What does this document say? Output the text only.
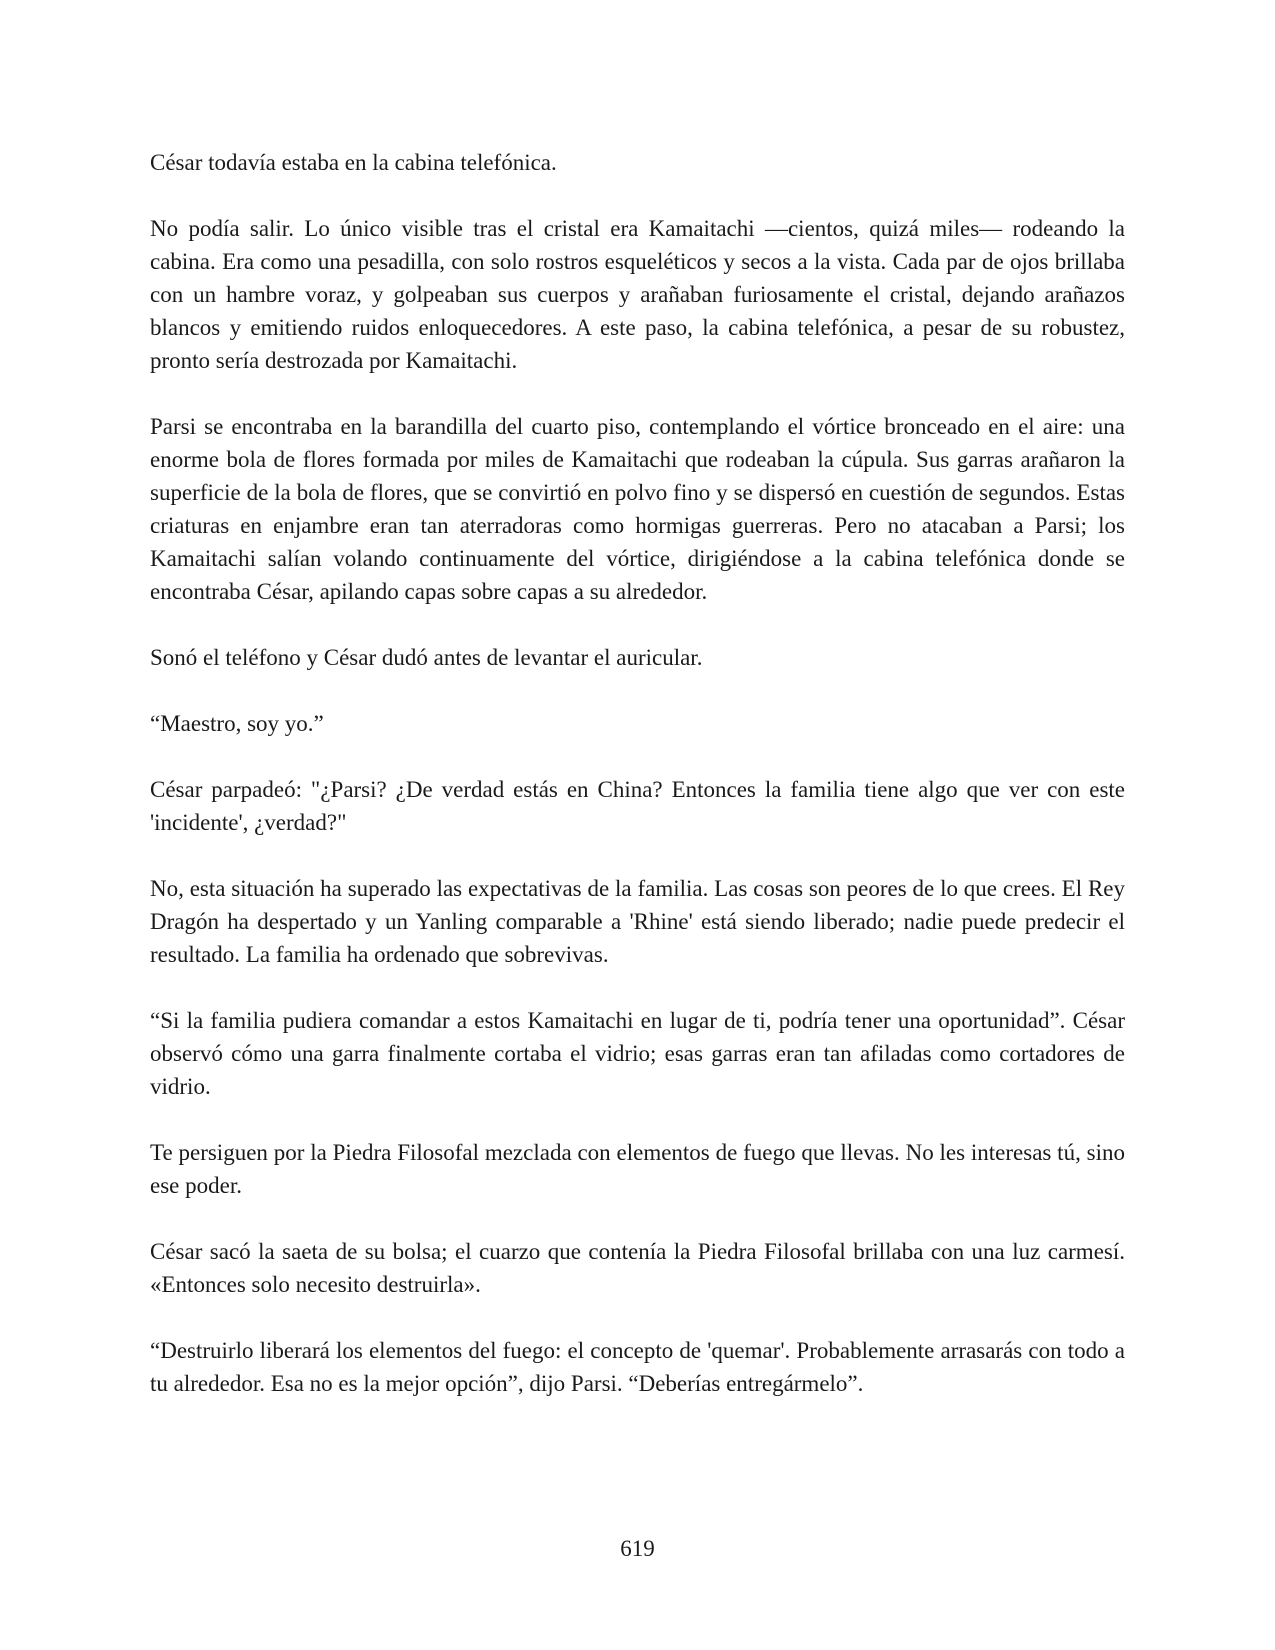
César todavía estaba en la cabina telefónica.

No podía salir. Lo único visible tras el cristal era Kamaitachi —cientos, quizá miles— rodeando la cabina. Era como una pesadilla, con solo rostros esqueléticos y secos a la vista. Cada par de ojos brillaba con un hambre voraz, y golpeaban sus cuerpos y arañaban furiosamente el cristal, dejando arañazos blancos y emitiendo ruidos enloquecedores. A este paso, la cabina telefónica, a pesar de su robustez, pronto sería destrozada por Kamaitachi.

Parsi se encontraba en la barandilla del cuarto piso, contemplando el vórtice bronceado en el aire: una enorme bola de flores formada por miles de Kamaitachi que rodeaban la cúpula. Sus garras arañaron la superficie de la bola de flores, que se convirtió en polvo fino y se dispersó en cuestión de segundos. Estas criaturas en enjambre eran tan aterradoras como hormigas guerreras. Pero no atacaban a Parsi; los Kamaitachi salían volando continuamente del vórtice, dirigiéndose a la cabina telefónica donde se encontraba César, apilando capas sobre capas a su alrededor.

Sonó el teléfono y César dudó antes de levantar el auricular.

“Maestro, soy yo.”

César parpadeó: "¿Parsi? ¿De verdad estás en China? Entonces la familia tiene algo que ver con este 'incidente', ¿verdad?"

No, esta situación ha superado las expectativas de la familia. Las cosas son peores de lo que crees. El Rey Dragón ha despertado y un Yanling comparable a 'Rhine' está siendo liberado; nadie puede predecir el resultado. La familia ha ordenado que sobrevivas.

“Si la familia pudiera comandar a estos Kamaitachi en lugar de ti, podría tener una oportunidad”. César observó cómo una garra finalmente cortaba el vidrio; esas garras eran tan afiladas como cortadores de vidrio.

Te persiguen por la Piedra Filosofal mezclada con elementos de fuego que llevas. No les interesas tú, sino ese poder.

César sacó la saeta de su bolsa; el cuarzo que contenía la Piedra Filosofal brillaba con una luz carmesí. «Entonces solo necesito destruirla».

“Destruirlo liberará los elementos del fuego: el concepto de 'quemar'. Probablemente arrasarás con todo a tu alrededor. Esa no es la mejor opción”, dijo Parsi. “Deberías entregármelo”.

619
